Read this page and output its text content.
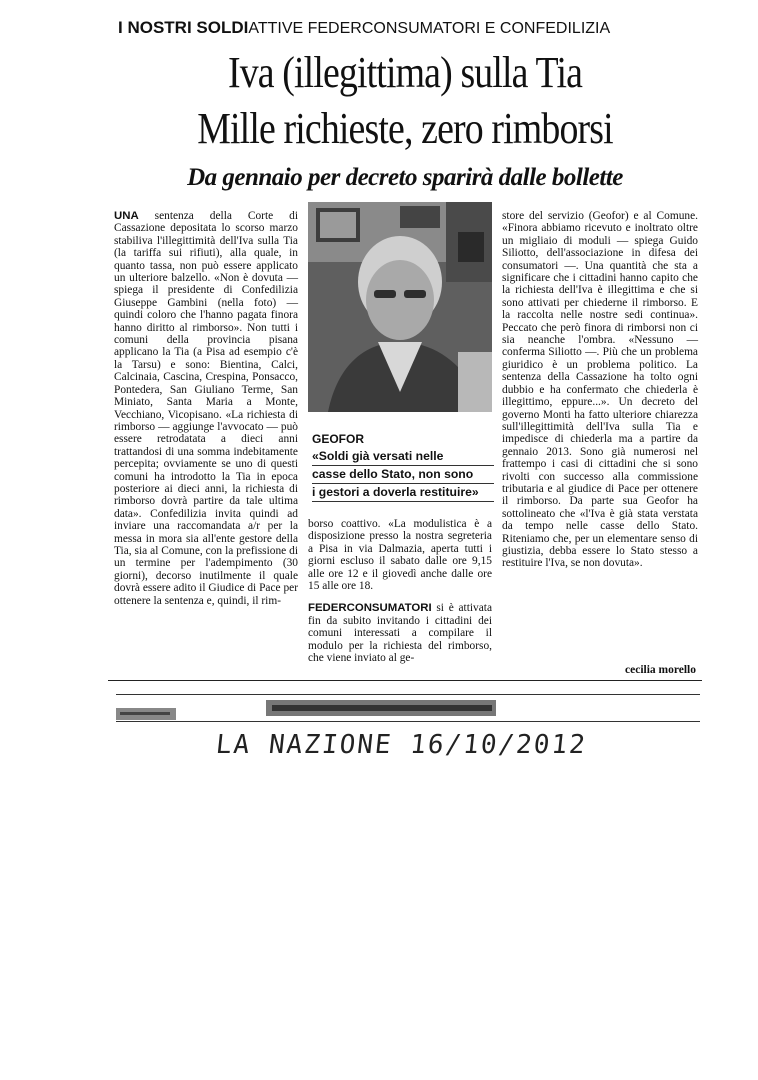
I NOSTRI SOLDIATTIVE FEDERCONSUMATORI E CONFEDILIZIA
Iva (illegittima) sulla Tia
Mille richieste, zero rimborsi
Da gennaio per decreto sparirà dalle bollette

UNA sentenza della Corte di Cassazione depositata lo scorso marzo stabiliva l'illegittimità dell'Iva sulla Tia (la tariffa sui rifiuti), alla quale, in quanto tassa, non può essere applicato un ulteriore balzello. «Non è dovuta — spiega il presidente di Confedilizia Giuseppe Gambini (nella foto) — quindi coloro che l'hanno pagata finora hanno diritto al rimborso». Non tutti i comuni della provincia pisana applicano la Tia (a Pisa ad esempio c'è la Tarsu) e sono: Bientina, Calci, Calcinaia, Cascina, Crespina, Ponsacco, Pontedera, San Giuliano Terme, San Miniato, Santa Maria a Monte, Vecchiano, Vicopisano. «La richiesta di rimborso — aggiunge l'avvocato — può essere retrodatata a dieci anni trattandosi di una somma indebitamente percepita; ovviamente se uno di questi comuni ha introdotto la Tia in epoca posteriore ai dieci anni, la richiesta di rimborso dovrà partire da tale ultima data». Confedilizia invita quindi ad inviare una raccomandata a/r per la messa in mora sia all'ente gestore della Tia, sia al Comune, con la prefissione di un termine per l'adempimento (30 giorni), decorso inutilmente il quale dovrà essere adito il Giudice di Pace per ottenere la sentenza e, quindi, il rim-

GEOFOR
«Soldi già versati nelle
casse dello Stato, non sono
i gestori a doverla restituire»

borso coattivo. «La modulistica è a disposizione presso la nostra segreteria a Pisa in via Dalmazia, aperta tutti i giorni escluso il sabato dalle ore 9,15 alle ore 12 e il giovedì anche dalle ore 15 alle ore 18.

FEDERCONSUMATORI si è attivata fin da subito invitando i cittadini dei comuni interessati a compilare il modulo per la richiesta del rimborso, che viene inviato al ge-

store del servizio (Geofor) e al Comune. «Finora abbiamo ricevuto e inoltrato oltre un migliaio di moduli — spiega Guido Siliotto, dell'associazione in difesa dei consumatori —. Una quantità che sta a significare che i cittadini hanno capito che la richiesta dell'Iva è illegittima e che si sono attivati per chiederne il rimborso. E la raccolta nelle nostre sedi continua». Peccato che però finora di rimborsi non ci sia neanche l'ombra. «Nessuno — conferma Siliotto —. Più che un problema giuridico è un problema politico. La sentenza della Cassazione ha tolto ogni dubbio e ha confermato che chiederla è illegittimo, eppure...». Un decreto del governo Monti ha fatto ulteriore chiarezza sull'illegittimità dell'Iva sulla Tia e impedisce di chiederla ma a partire da gennaio 2013. Sono già numerosi nel frattempo i casi di cittadini che si sono rivolti con successo alla commissione tributaria e al giudice di Pace per ottenere il rimborso. Da parte sua Geofor ha sottolineato che «l'Iva è già stata verstata da tempo nelle casse dello Stato. Riteniamo che, per un elementare senso di giustizia, debba essere lo Stato stesso a restituire l'Iva, se non dovuta».

cecilia morello
LA NAZIONE 16/10/2012
